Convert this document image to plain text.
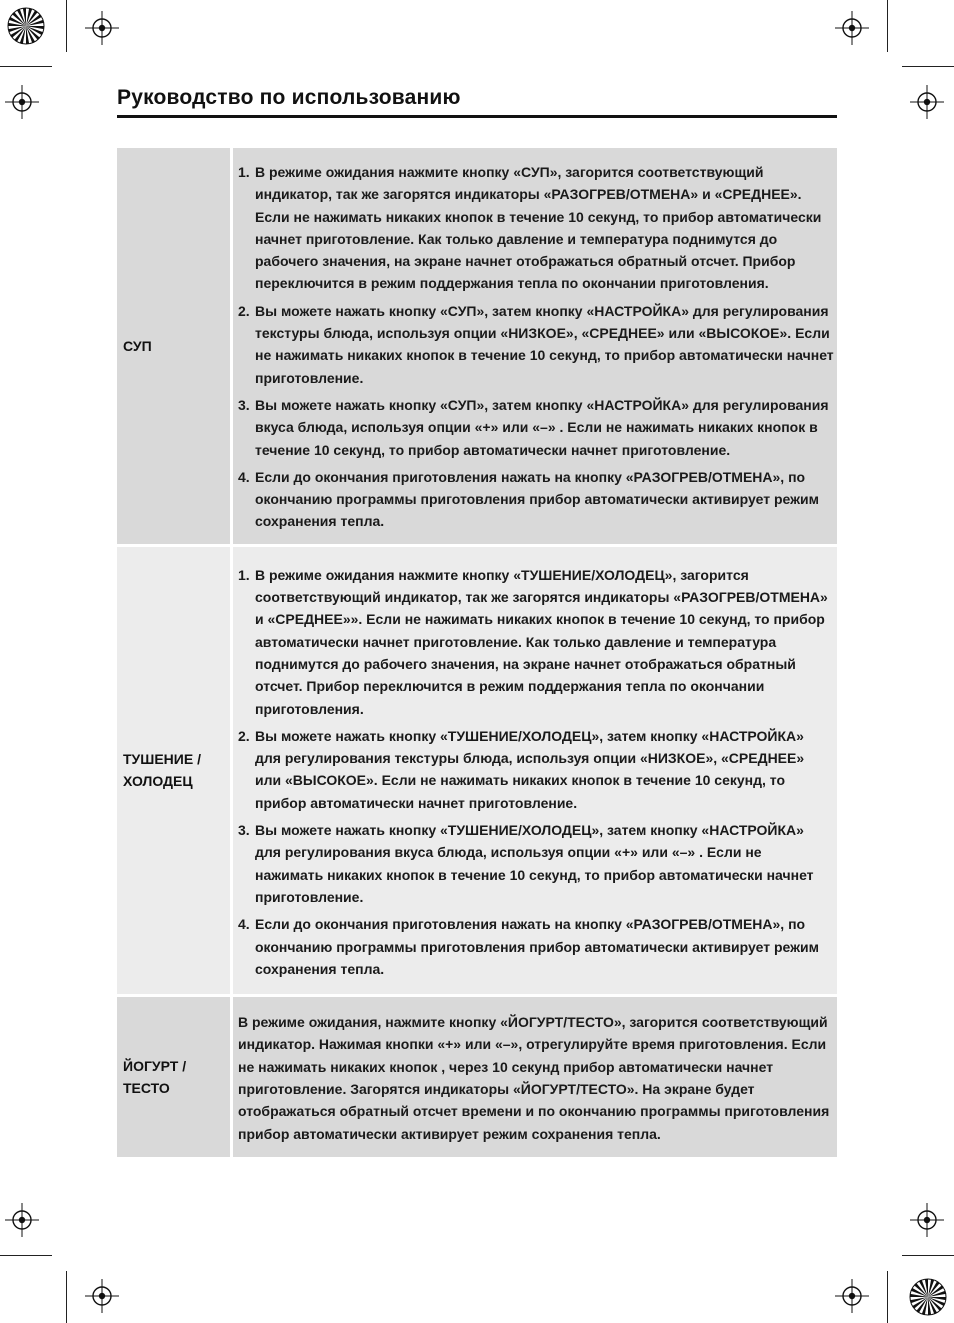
Руководство по использованию
СУП
1. В режиме ожидания нажмите кнопку «СУП», загорится соответствующий индикатор, так же загорятся индикаторы «РАЗОГРЕВ/ОТМЕНА» и «СРЕДНЕЕ». Если не нажимать никаких кнопок в течение 10 секунд, то прибор автоматически начнет приготовление. Как только давление и температура поднимутся до рабочего значения, на экране начнет отображаться обратный отсчет. Прибор переключится в режим поддержания тепла по окончании приготовления.
2. Вы можете нажать кнопку «СУП», затем кнопку «НАСТРОЙКА» для регулирования текстуры блюда, используя опции «НИЗКОЕ», «СРЕДНЕЕ» или «ВЫСОКОЕ». Если не нажимать никаких кнопок в течение 10 секунд, то прибор автоматически начнет приготовление.
3. Вы можете нажать кнопку «СУП», затем кнопку «НАСТРОЙКА» для регулирования вкуса блюда, используя опции «+» или «–» . Если не нажимать никаких кнопок в течение 10 секунд, то прибор автоматически начнет приготовление.
4. Если до окончания приготовления нажать на кнопку «РАЗОГРЕВ/ОТМЕНА», по окончанию программы приготовления прибор автоматически активирует режим сохранения тепла.
ТУШЕНИЕ / ХОЛОДЕЦ
1. В режиме ожидания нажмите кнопку «ТУШЕНИЕ/ХОЛОДЕЦ», загорится соответствующий индикатор, так же загорятся индикаторы «РАЗОГРЕВ/ОТМЕНА» и «СРЕДНЕЕ»». Если не нажимать никаких кнопок в течение 10 секунд, то прибор автоматически начнет приготовление. Как только давление и температура поднимутся до рабочего значения, на экране начнет отображаться обратный отсчет. Прибор переключится в режим поддержания тепла по окончании приготовления.
2. Вы можете нажать кнопку «ТУШЕНИЕ/ХОЛОДЕЦ», затем кнопку «НАСТРОЙКА» для регулирования текстуры блюда, используя опции «НИЗКОЕ», «СРЕДНЕЕ» или «ВЫСОКОЕ». Если не нажимать никаких кнопок в течение 10 секунд, то прибор автоматически начнет приготовление.
3. Вы можете нажать кнопку «ТУШЕНИЕ/ХОЛОДЕЦ», затем кнопку «НАСТРОЙКА» для регулирования вкуса блюда, используя опции «+» или «–» . Если не нажимать никаких кнопок в течение 10 секунд, то прибор автоматически начнет приготовление.
4. Если до окончания приготовления нажать на кнопку «РАЗОГРЕВ/ОТМЕНА», по окончанию программы приготовления прибор автоматически активирует режим сохранения тепла.
ЙОГУРТ / ТЕСТО

В режиме ожидания, нажмите кнопку «ЙОГУРТ/ТЕСТО», загорится соответствующий индикатор. Нажимая кнопки «+» или «–», отрегулируйте время приготовления. Если не нажимать никаких кнопок , через 10 секунд прибор автоматически начнет приготовление. Загорятся индикаторы «ЙОГУРТ/ТЕСТО». На экране будет отображаться обратный отсчет времени и по окончанию программы приготовления прибор автоматически активирует режим сохранения тепла.
